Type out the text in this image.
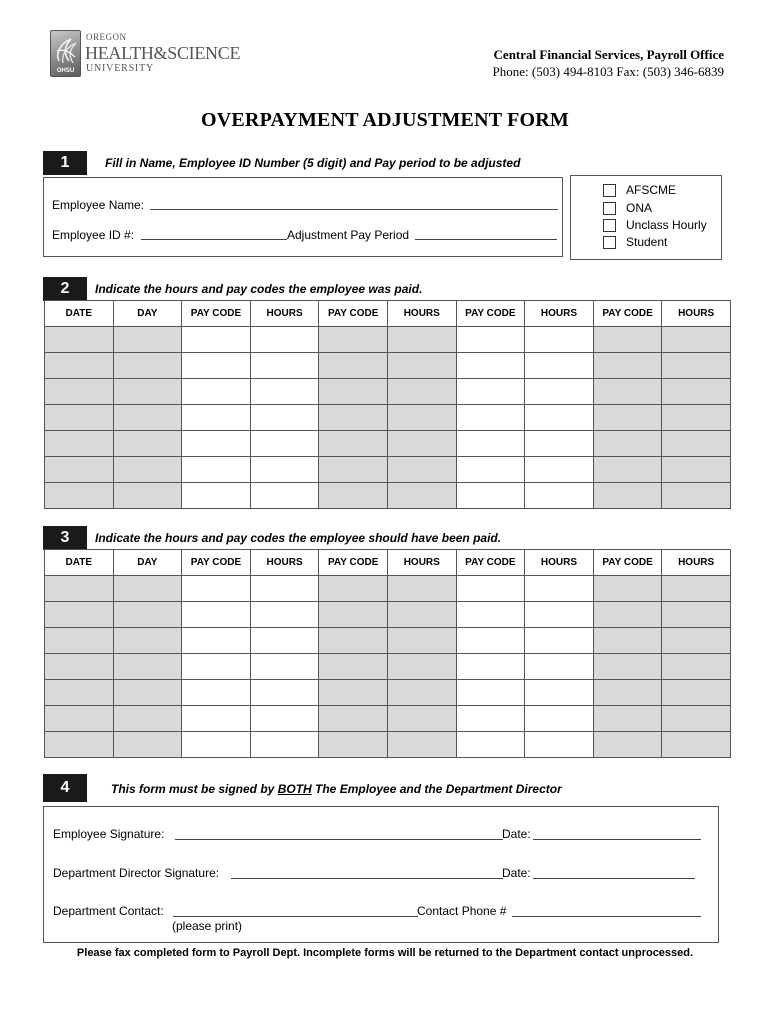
OHSU
OREGON
HEALTH&SCIENCE
UNIVERSITY
Central Financial Services, Payroll Office
Phone: (503) 494-8103 Fax: (503) 346-6839
OVERPAYMENT ADJUSTMENT FORM
1	Fill in Name, Employee ID Number (5 digit) and Pay period to be adjusted
Employee Name:
Employee ID #:	Adjustment Pay Period
AFSCME
ONA
Unclass Hourly
Student
2	Indicate the hours and pay codes the employee was paid.
DATE	DAY	PAY CODE	HOURS	PAY CODE	HOURS	PAY CODE	HOURS	PAY CODE	HOURS

3	Indicate the hours and pay codes the employee should have been paid.
DATE	DAY	PAY CODE	HOURS	PAY CODE	HOURS	PAY CODE	HOURS	PAY CODE	HOURS

4	This form must be signed by BOTH The Employee and the Department Director
Employee Signature:	Date:
Department Director Signature:	Date:
Department Contact:	Contact Phone #
(please print)
Please fax completed form to Payroll Dept. Incomplete forms will be returned to the Department contact unprocessed.
